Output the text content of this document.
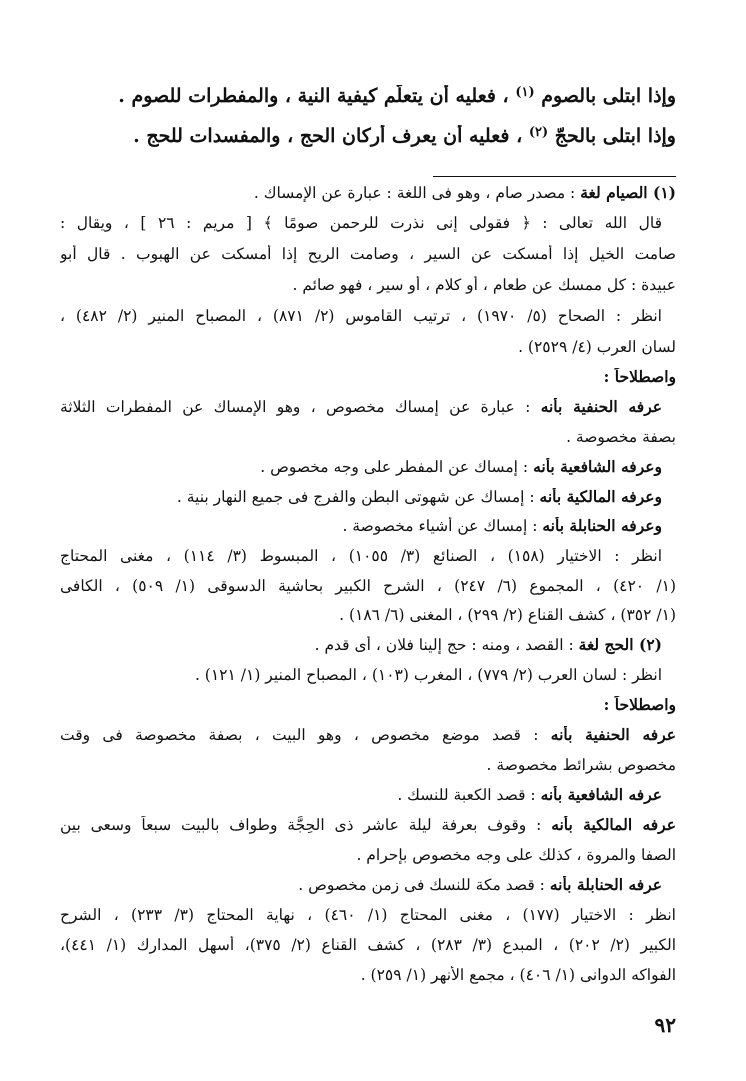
وإذا ابتلى بالصوم $^{(١)}$ ، فعليه أن يتعلّم كيفية النية ، والمفطرات للصوم .
وإذا ابتلى بالحجّ $^{(٢)}$ ، فعليه أن يعرف أركان الحج ، والمفسدات للحج .
(١) الصيام لغة : مصدر صام ، وهو فى اللغة : عبارة عن الإمساك .
قال الله تعالى : ﴿ فقولى إنى نذرت للرحمن صومًا ﴾ [ مريم : ٢٦ ] ، ويقال :
صامت الخيل إذا أمسكت عن السير ، وصامت الريح إذا أمسكت عن الهبوب . قال أبو
عبيدة : كل ممسك عن طعام ، أو كلام ، أو سير ، فهو صائم .
انظر : الصحاح (٥/ ١٩٧٠) ، ترتيب القاموس (٢/ ٨٧١) ، المصباح المنير (٢/ ٤٨٢) ،
لسان العرب (٤/ ٢٥٢٩) .
واصطلاحاً :
عرفه الحنفية بأنه : عبارة عن إمساك مخصوص ، وهو الإمساك عن المفطرات الثلاثة
بصفة مخصوصة .
وعرفه الشافعية بأنه : إمساك عن المفطر على وجه مخصوص .
وعرفه المالكية بأنه : إمساك عن شهوتى البطن والفرج فى جميع النهار بنية .
وعرفه الحنابلة بأنه : إمساك عن أشياء مخصوصة .
انظر : الاختيار (١٥٨) ، الصنائع (٣/ ١٠٥٥) ، المبسوط (٣/ ١١٤) ، مغنى المحتاج
(١/ ٤٢٠) ، المجموع (٦/ ٢٤٧) ، الشرح الكبير بحاشية الدسوقى (١/ ٥٠٩) ، الكافى
(١/ ٣٥٢) ، كشف القناع (٢/ ٢٩٩) ، المغنى (٦/ ١٨٦) .
(٢) الحج لغة : القصد ، ومنه : حج إلينا فلان ، أى قدم .
انظر : لسان العرب (٢/ ٧٧٩) ، المغرب (١٠٣) ، المصباح المنير (١/ ١٢١) .
واصطلاحاً :
عرفه الحنفية بأنه : قصد موضع مخصوص ، وهو البيت ، بصفة مخصوصة فى وقت
مخصوص بشرائط مخصوصة .
عرفه الشافعية بأنه : قصد الكعبة للنسك .
عرفه المالكية بأنه : وقوف بعرفة ليلة عاشر ذى الحِجَّة وطواف بالبيت سبعاً وسعى بين
الصفا والمروة ، كذلك على وجه مخصوص بإحرام .
عرفه الحنابلة بأنه : قصد مكة للنسك فى زمن مخصوص .
انظر : الاختيار (١٧٧) ، مغنى المحتاج (١/ ٤٦٠) ، نهاية المحتاج (٣/ ٢٣٣) ، الشرح
الكبير (٢/ ٢٠٢) ، المبدع (٣/ ٢٨٣) ، كشف القناع (٢/ ٣٧٥)، أسهل المدارك (١/ ٤٤١)،
الفواكه الدوانى (١/ ٤٠٦) ، مجمع الأنهر (١/ ٢٥٩) .
٩٢
